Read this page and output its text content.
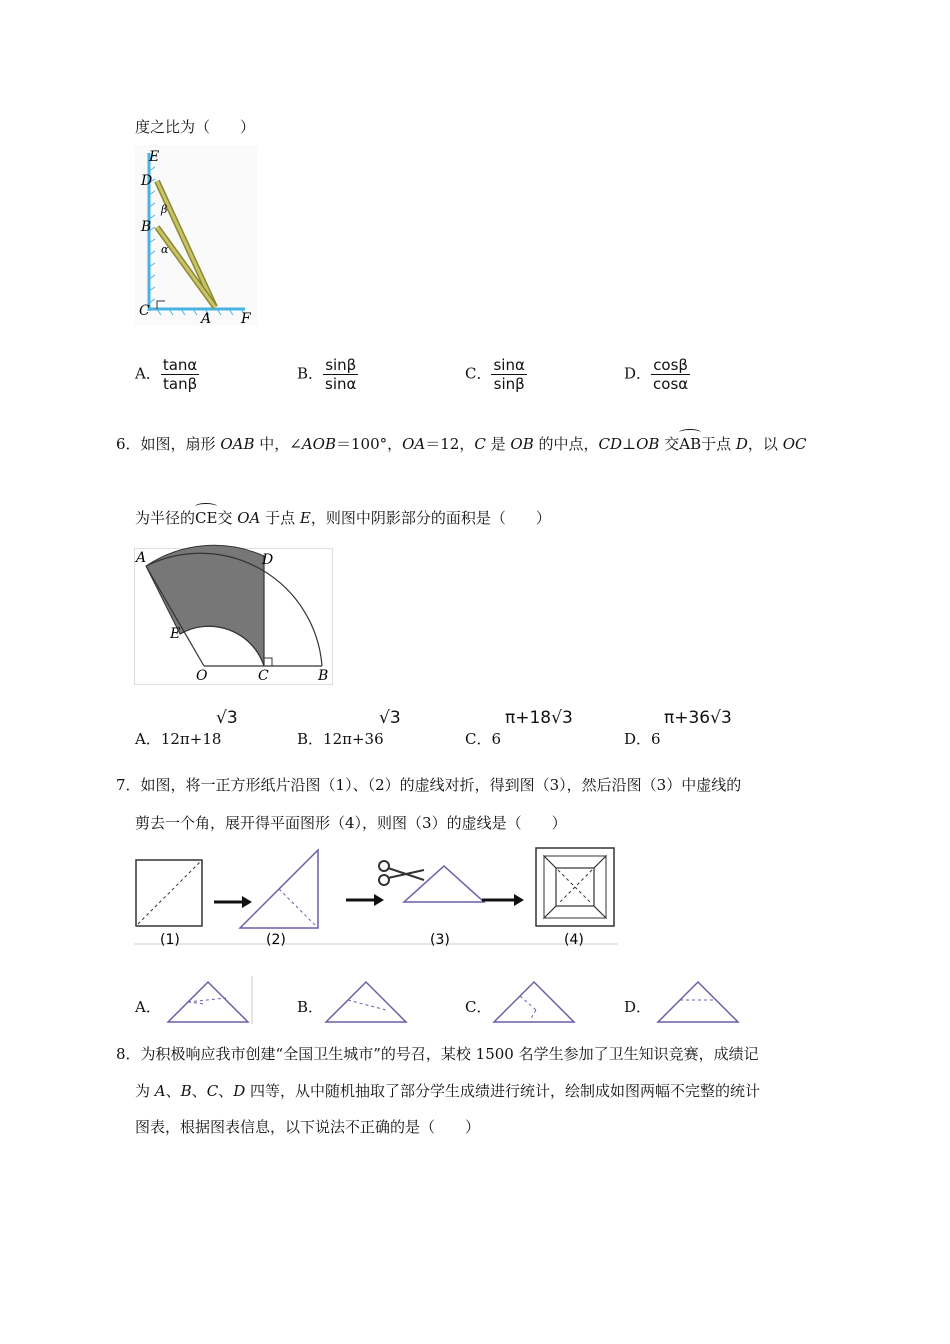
度之比为（　　）
E
D
B
β
α
C	A F
A． $\frac{\tan\alpha}{\tan\beta}$	B． $\frac{\sin\beta}{\sin\alpha}$	C． $\frac{\sin\alpha}{\sin\beta}$	D． $\frac{\cos\beta}{\cos\alpha}$
6．如图，扇形 OAB 中，∠AOB＝100°，OA＝12，C 是 OB 的中点，CD⊥OB 交AB于点 D，以 OC
为半径的CE交 OA 于点 E，则图中阴影部分的面积是（　　）
A	D
E
O	C	B
A．12π+18
√3
B．12π+36
√3
C．6
π+18√3
D．6
π+36√3
7．如图，将一正方形纸片沿图（1）、（2）的虚线对折，得到图（3），然后沿图（3）中虚线的
剪去一个角，展开得平面图形（4），则图（3）的虚线是（　　）
(1)	(2)	(3)	(4)
A．	B．	C．	D．
8．为积极响应我市创建“全国卫生城市”的号召，某校 1500 名学生参加了卫生知识竞赛，成绩记
为 A、B、C、D 四等，从中随机抽取了部分学生成绩进行统计，绘制成如图两幅不完整的统计
图表，根据图表信息，以下说法不正确的是（　　）
